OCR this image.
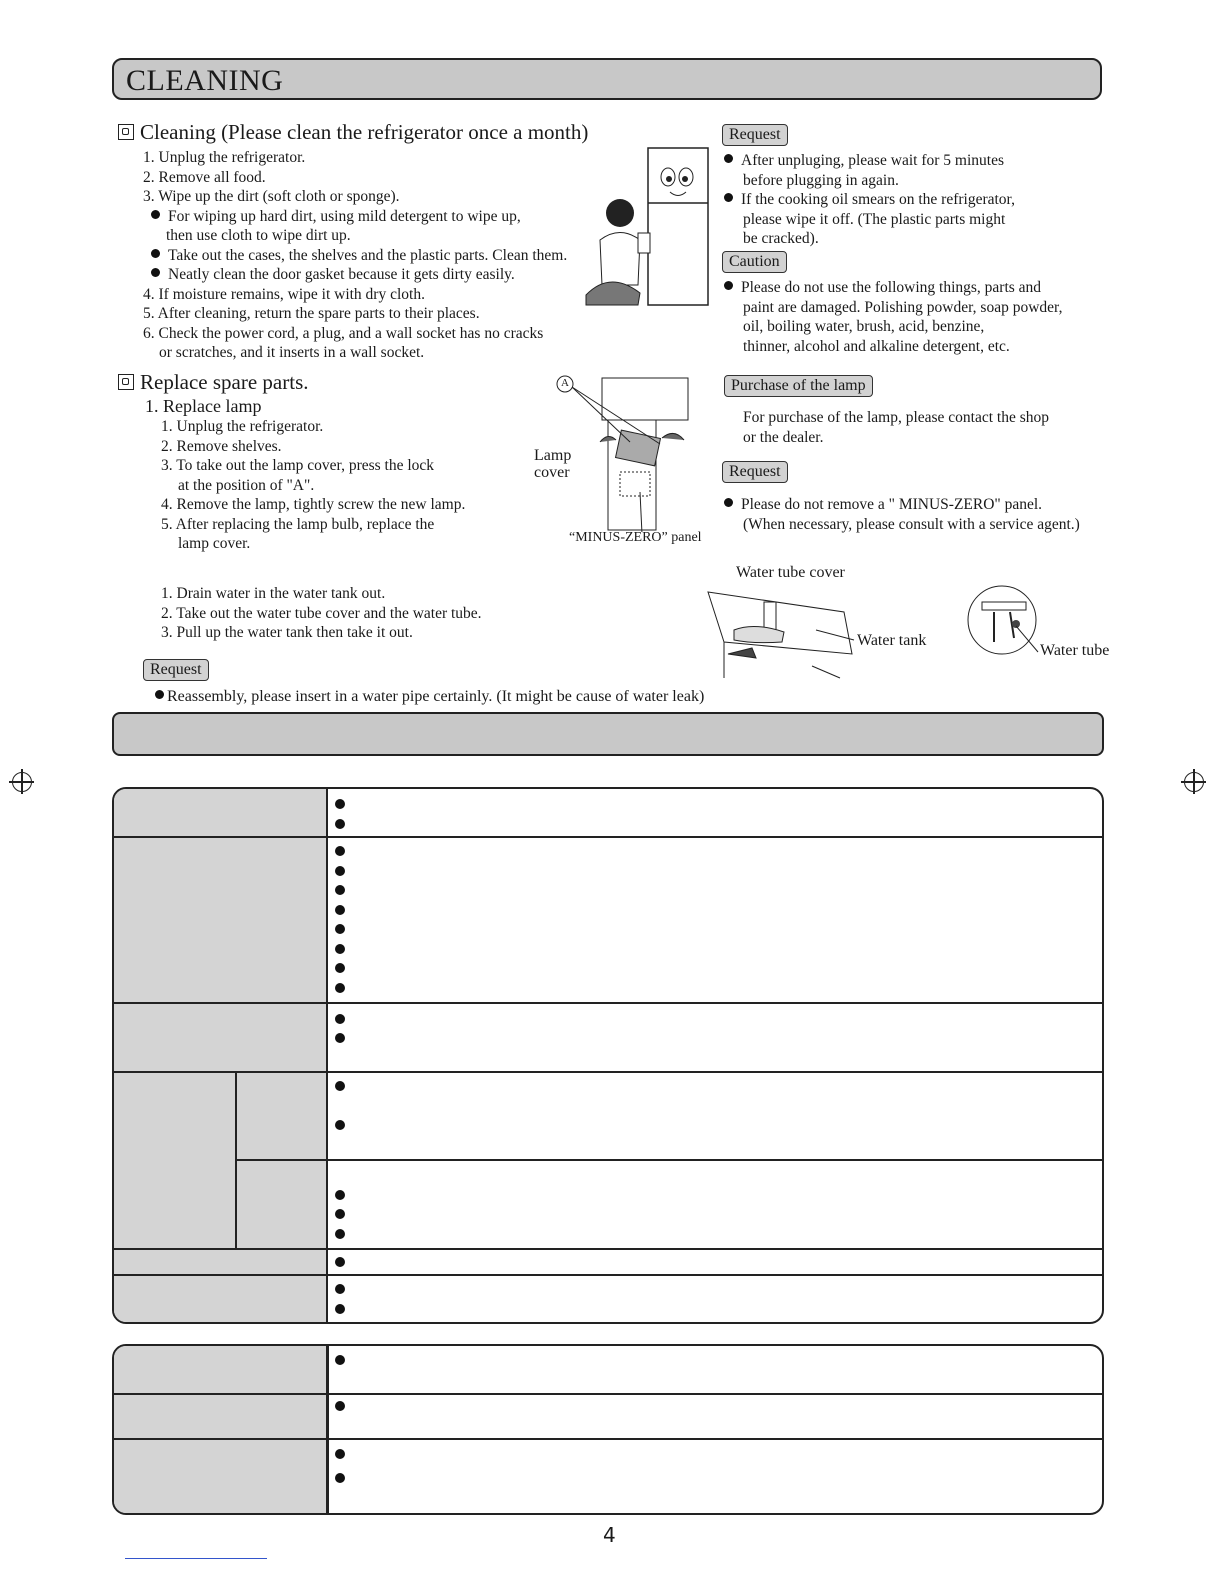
CLEANING
Cleaning (Please clean the refrigerator once a month)
1. Unplug the refrigerator.
2. Remove all food.
3. Wipe up the dirt (soft cloth or sponge).
For wiping up hard dirt, using mild detergent to wipe up,
then use cloth to wipe dirt up.
Take out the cases, the shelves and the plastic parts. Clean them.
Neatly clean the door gasket because it gets dirty easily.
4. If moisture remains, wipe it with dry cloth.
5. After cleaning, return the spare parts to their places.
6. Check the power cord, a plug, and a wall socket has no cracks
or scratches, and it inserts in a wall socket.
Request
After unpluging, please wait for 5 minutes
before plugging in again.
If the cooking oil smears on the refrigerator,
please wipe it off. (The plastic parts might
be cracked).
Caution
Please do not use the following things, parts and
paint are damaged. Polishing powder, soap powder,
oil, boiling water, brush, acid, benzine,
thinner, alcohol and alkaline detergent, etc.
Purchase of the lamp
For purchase of the lamp, please contact the shop
or the dealer.
Request
Please do not remove a " MINUS-ZERO" panel.
(When necessary, please consult with a service agent.)
Replace spare parts.
1. Replace lamp
1. Unplug the refrigerator.
2. Remove shelves.
3. To take out the lamp cover, press the lock
at the position of "A".
4. Remove the lamp, tightly screw the new lamp.
5. After replacing the lamp bulb, replace the
lamp cover.
A
Lamp
cover
“MINUS-ZERO” panel
1. Drain water in the water tank out.
2. Take out the water tube cover and the water tube.
3. Pull up the water tank then take it out.
Water tube cover
Water tank
Water tube
Request
Reassembly, please insert in a water pipe certainly. (It might be cause of water leak)
4
